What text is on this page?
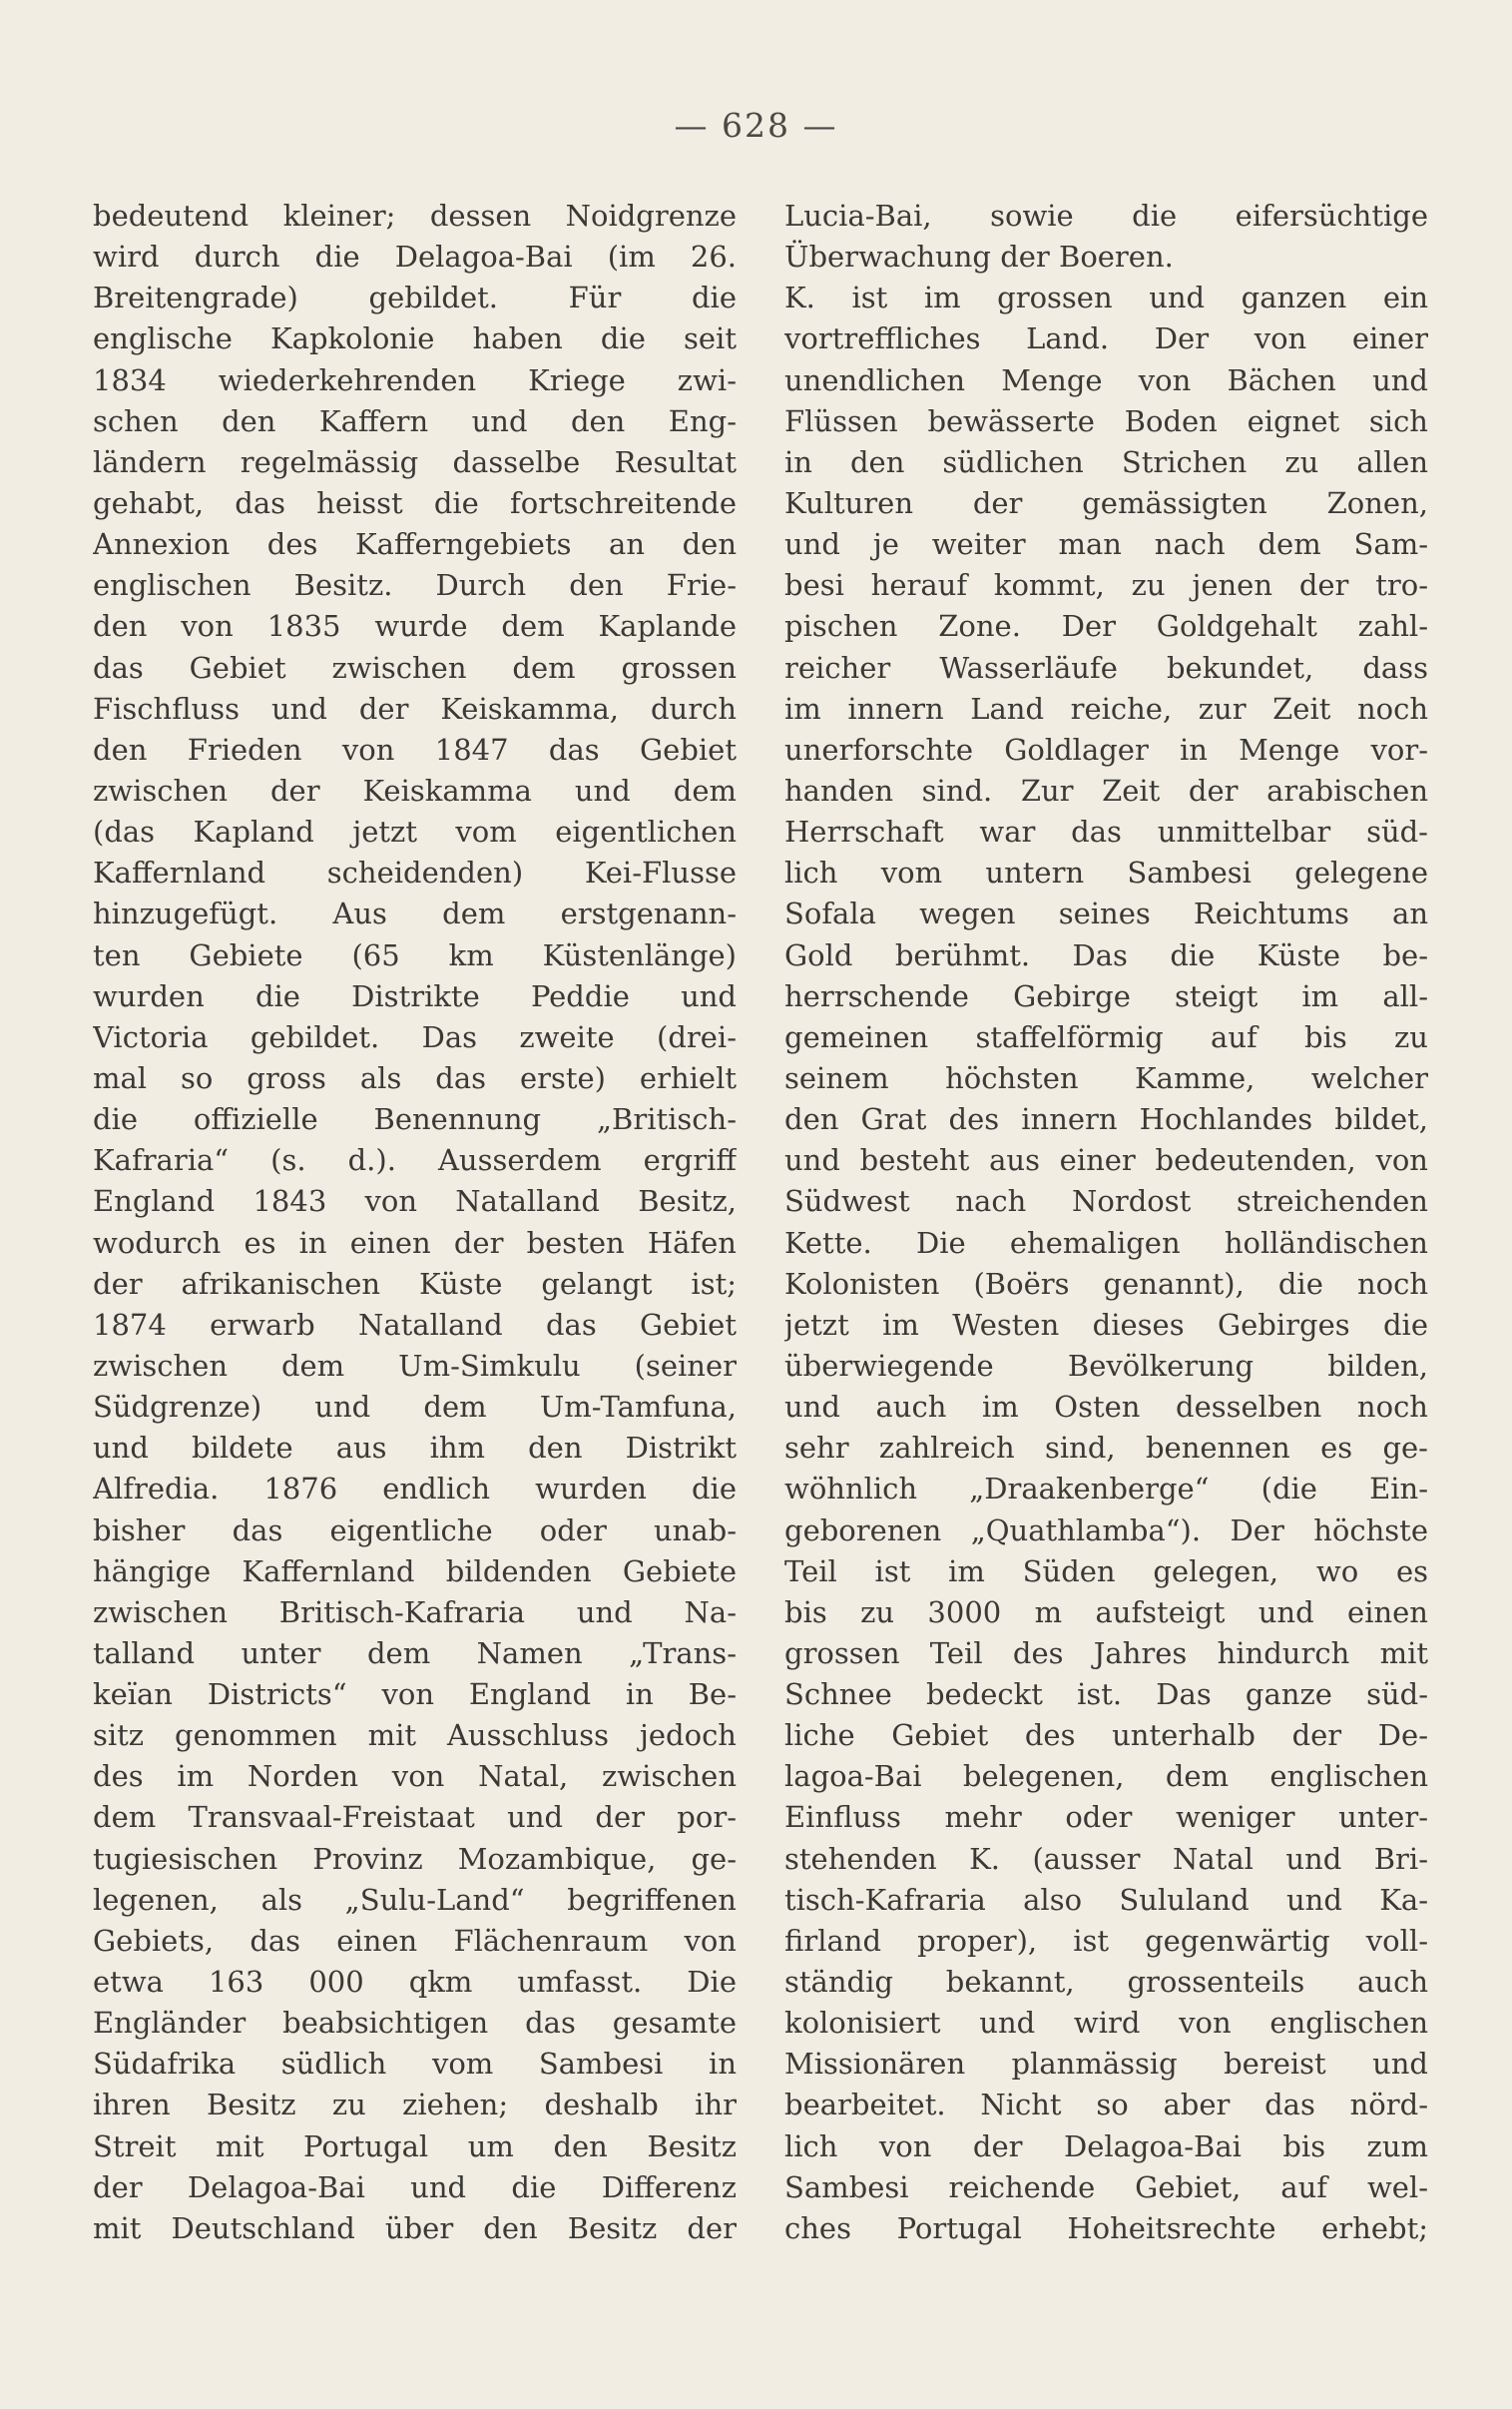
— 628 —
bedeutend kleiner; dessen Noidgrenze
wird durch die Delagoa-Bai (im 26.
Breitengrade) gebildet. Für die
englische Kapkolonie haben die seit
1834 wiederkehrenden Kriege zwi-
schen den Kaffern und den Eng-
ländern regelmässig dasselbe Resultat
gehabt, das heisst die fortschreitende
Annexion des Kafferngebiets an den
englischen Besitz. Durch den Frie-
den von 1835 wurde dem Kaplande
das Gebiet zwischen dem grossen
Fischfluss und der Keiskamma, durch
den Frieden von 1847 das Gebiet
zwischen der Keiskamma und dem
(das Kapland jetzt vom eigentlichen
Kaffernland scheidenden) Kei-Flusse
hinzugefügt. Aus dem erstgenann-
ten Gebiete (65 km Küstenlänge)
wurden die Distrikte Peddie und
Victoria gebildet. Das zweite (drei-
mal so gross als das erste) erhielt
die offizielle Benennung „Britisch-
Kafraria“ (s. d.). Ausserdem ergriff
England 1843 von Natalland Besitz,
wodurch es in einen der besten Häfen
der afrikanischen Küste gelangt ist;
1874 erwarb Natalland das Gebiet
zwischen dem Um-Simkulu (seiner
Südgrenze) und dem Um-Tamfuna,
und bildete aus ihm den Distrikt
Alfredia. 1876 endlich wurden die
bisher das eigentliche oder unab-
hängige Kaffernland bildenden Gebiete
zwischen Britisch-Kafraria und Na-
talland unter dem Namen „Trans-
keïan Districts“ von England in Be-
sitz genommen mit Ausschluss jedoch
des im Norden von Natal, zwischen
dem Transvaal-Freistaat und der por-
tugiesischen Provinz Mozambique, ge-
legenen, als „Sulu-Land“ begriffenen
Gebiets, das einen Flächenraum von
etwa 163 000 qkm umfasst. Die
Engländer beabsichtigen das gesamte
Südafrika südlich vom Sambesi in
ihren Besitz zu ziehen; deshalb ihr
Streit mit Portugal um den Besitz
der Delagoa-Bai und die Differenz
mit Deutschland über den Besitz der
Lucia-Bai, sowie die eifersüchtige
Überwachung der Boeren.
K. ist im grossen und ganzen ein
vortreffliches Land. Der von einer
unendlichen Menge von Bächen und
Flüssen bewässerte Boden eignet sich
in den südlichen Strichen zu allen
Kulturen der gemässigten Zonen,
und je weiter man nach dem Sam-
besi herauf kommt, zu jenen der tro-
pischen Zone. Der Goldgehalt zahl-
reicher Wasserläufe bekundet, dass
im innern Land reiche, zur Zeit noch
unerforschte Goldlager in Menge vor-
handen sind. Zur Zeit der arabischen
Herrschaft war das unmittelbar süd-
lich vom untern Sambesi gelegene
Sofala wegen seines Reichtums an
Gold berühmt. Das die Küste be-
herrschende Gebirge steigt im all-
gemeinen staffelförmig auf bis zu
seinem höchsten Kamme, welcher
den Grat des innern Hochlandes bildet,
und besteht aus einer bedeutenden, von
Südwest nach Nordost streichenden
Kette. Die ehemaligen holländischen
Kolonisten (Boërs genannt), die noch
jetzt im Westen dieses Gebirges die
überwiegende Bevölkerung bilden,
und auch im Osten desselben noch
sehr zahlreich sind, benennen es ge-
wöhnlich „Draakenberge“ (die Ein-
geborenen „Quathlamba“). Der höchste
Teil ist im Süden gelegen, wo es
bis zu 3000 m aufsteigt und einen
grossen Teil des Jahres hindurch mit
Schnee bedeckt ist. Das ganze süd-
liche Gebiet des unterhalb der De-
lagoa-Bai belegenen, dem englischen
Einfluss mehr oder weniger unter-
stehenden K. (ausser Natal und Bri-
tisch-Kafraria also Sululand und Ka-
firland proper), ist gegenwärtig voll-
ständig bekannt, grossenteils auch
kolonisiert und wird von englischen
Missionären planmässig bereist und
bearbeitet. Nicht so aber das nörd-
lich von der Delagoa-Bai bis zum
Sambesi reichende Gebiet, auf wel-
ches Portugal Hoheitsrechte erhebt;
